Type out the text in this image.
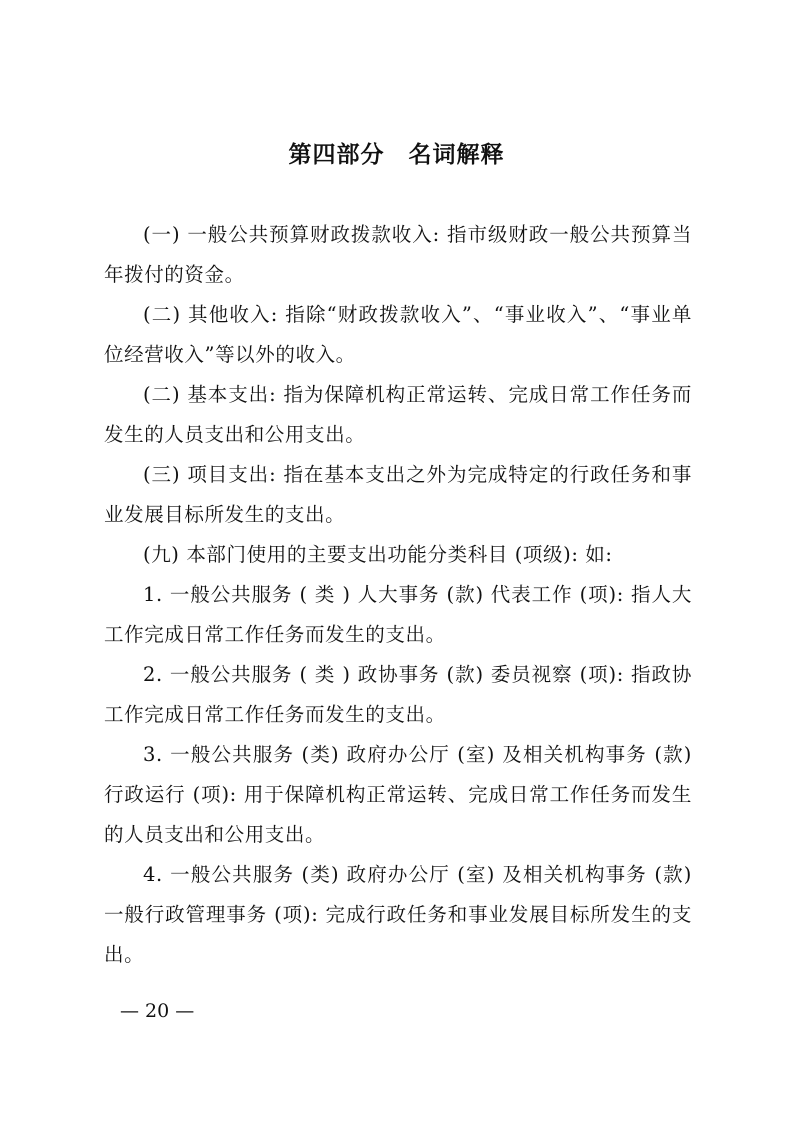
第四部分　名词解释

(一) 一般公共预算财政拨款收入: 指市级财政一般公共预算当年拨付的资金。

(二) 其他收入: 指除“财政拨款收入”、“事业收入”、“事业单位经营收入”等以外的收入。

(二) 基本支出: 指为保障机构正常运转、完成日常工作任务而发生的人员支出和公用支出。

(三) 项目支出: 指在基本支出之外为完成特定的行政任务和事业发展目标所发生的支出。

(九) 本部门使用的主要支出功能分类科目 (项级): 如:

1. 一般公共服务 ( 类 ) 人大事务 (款) 代表工作 (项): 指人大工作完成日常工作任务而发生的支出。

2. 一般公共服务 ( 类 ) 政协事务 (款) 委员视察 (项): 指政协工作完成日常工作任务而发生的支出。

3. 一般公共服务 (类) 政府办公厅 (室) 及相关机构事务 (款) 行政运行 (项): 用于保障机构正常运转、完成日常工作任务而发生的人员支出和公用支出。

4. 一般公共服务 (类) 政府办公厅 (室) 及相关机构事务 (款) 一般行政管理事务 (项): 完成行政任务和事业发展目标所发生的支出。

— 20 —
